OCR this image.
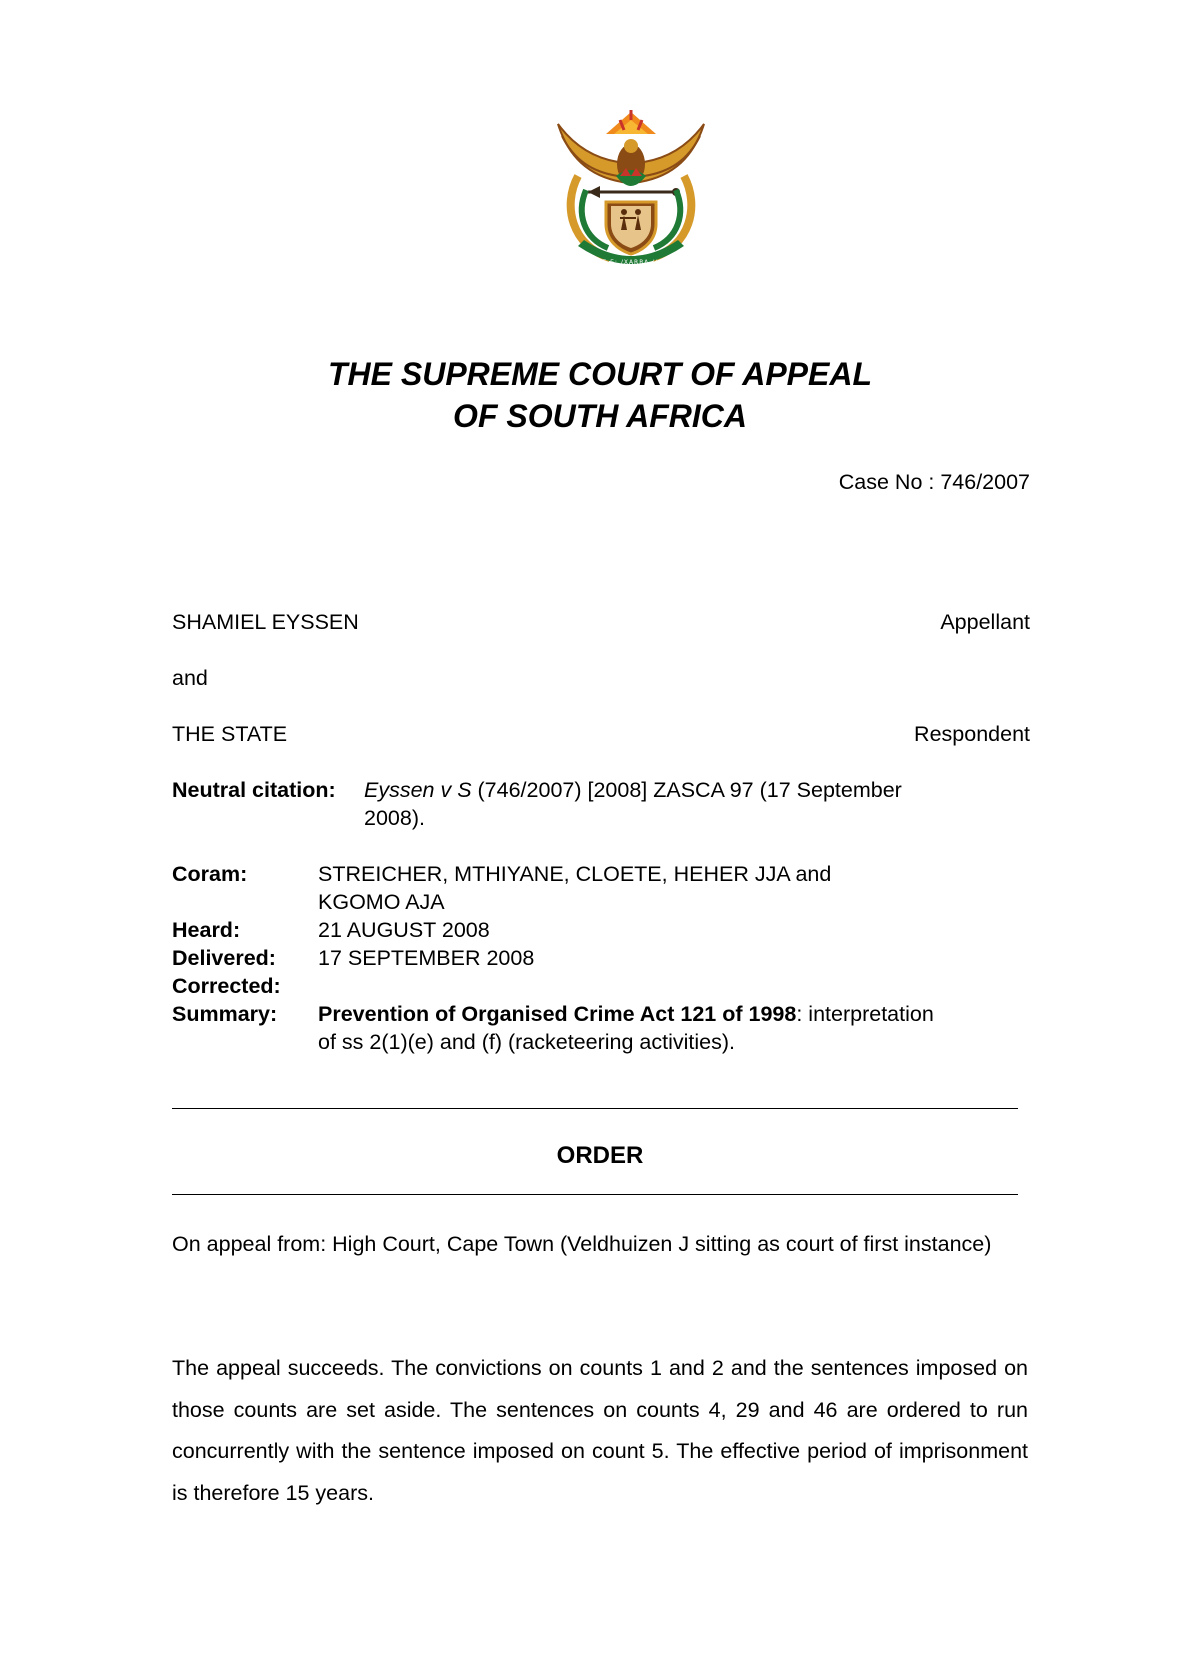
!KE E: /XARRA //KE
THE SUPREME COURT OF APPEAL
OF SOUTH AFRICA
Case No : 746/2007
SHAMIEL EYSSEN	Appellant
and
THE STATE	Respondent
Neutral citation: Eyssen v S (746/2007) [2008] ZASCA 97 (17 September
2008).
Coram:	STREICHER, MTHIYANE, CLOETE, HEHER JJA and
KGOMO AJA
Heard:	21 AUGUST 2008
Delivered: 17 SEPTEMBER 2008
Corrected:
Summary: Prevention of Organised Crime Act 121 of 1998: interpretation
of ss 2(1)(e) and (f) (racketeering activities).
ORDER
On appeal from: High Court, Cape Town (Veldhuizen J sitting as court of first instance)
The appeal succeeds. The convictions on counts 1 and 2 and the sentences imposed on those counts are set aside. The sentences on counts 4, 29 and 46 are ordered to run concurrently with the sentence imposed on count 5. The effective period of imprisonment is therefore 15 years.
